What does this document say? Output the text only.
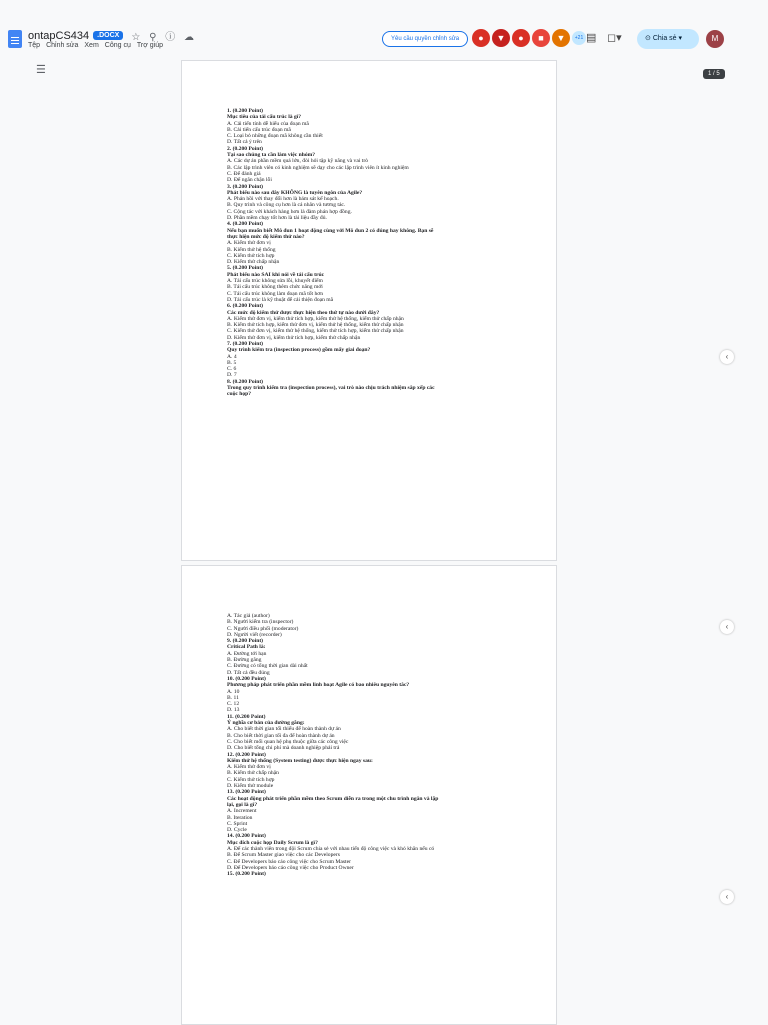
ontapCS434	.DOCX	☆ ⚲ ⓘ ☁
Tệp Chỉnh sửa Xem Công cụ Trợ giúp
Yêu cầu quyền chỉnh sửa	●	▼	●	■	▼	+21 ▤ ◻▾	⊙ Chia sẻ ▾	M
☰	1 / 5
‹
‹
‹
1. (0.200 Point)
Mục tiêu của tái cấu trúc là gì?
A. Cải tiến tính dễ hiểu của đoạn mã
B. Cải tiến cấu trúc đoạn mã
C. Loại bỏ những đoạn mã không cần thiết
D. Tất cả ý trên
2. (0.200 Point)
Tại sao chúng ta cần làm việc nhóm?
A. Các dự án phần mềm quá lớn, đòi hỏi tập kỹ năng và vai trò
B. Các lập trình viên có kinh nghiệm sẽ dạy cho các lập trình viên ít kinh nghiệm
C. Để đánh giá
D. Để ngăn chặn lỗi
3. (0.200 Point)
Phát biểu nào sau đây KHÔNG là tuyên ngôn của Agile?
A. Phản hồi với thay đổi hơn là bám sát kế hoạch.
B. Quy trình và công cụ hơn là cá nhân và tương tác.
C. Cộng tác với khách hàng hơn là đàm phán hợp đồng.
D. Phần mềm chạy tốt hơn là tài liệu đầy đủ.
4. (0.200 Point)
Nếu bạn muốn biết Mô đun 1 hoạt động cùng với Mô đun 2 có đúng hay không. Bạn sẽ
thực hiện mức độ kiểm thử nào?
A. Kiểm thử đơn vị
B. Kiểm thử hệ thống
C. Kiểm thử tích hợp
D. Kiểm thử chấp nhận
5. (0.200 Point)
Phát biểu nào SAI khi nói về tái cấu trúc
A. Tái cấu trúc không sửa lỗi, khuyết điểm
B. Tái cấu trúc không thêm chức năng mới
C. Tái cấu trúc không làm đoạn mã tốt hơn
D. Tái cấu trúc là kỹ thuật để cải thiện đoạn mã
6. (0.200 Point)
Các mức độ kiểm thử được thực hiện theo thứ tự nào dưới đây?
A. Kiểm thử đơn vị, kiểm thử tích hợp, kiểm thử hệ thống, kiểm thử chấp nhận
B. Kiểm thử tích hợp, kiểm thử đơn vị, kiểm thử hệ thống, kiểm thử chấp nhận
C. Kiểm thử đơn vị, kiểm thử hệ thống, kiểm thử tích hợp, kiểm thử chấp nhận
D. Kiểm thử đơn vị, kiểm thử tích hợp, kiểm thử chấp nhận
7. (0.200 Point)
Quy trình kiểm tra (inspection process) gồm mấy giai đoạn?
A. 4
B. 5
C. 6
D. 7
8. (0.200 Point)
Trong quy trình kiểm tra (inspection process), vai trò nào chịu trách nhiệm sắp xếp các
cuộc họp?
A. Tác giả (author)
B. Người kiểm tra (inspector)
C. Người điều phối (moderator)
D. Người viết (recorder)
9. (0.200 Point)
Critical Path là:
A. Đường tới hạn
B. Đường găng
C. Đường có tổng thời gian dài nhất
D. Tất cả đều đúng
10. (0.200 Point)
Phương pháp phát triển phần mềm linh hoạt Agile có bao nhiêu nguyên tắc?
A. 10
B. 11
C. 12
D. 13
11. (0.200 Point)
Ý nghĩa cơ bản của đường găng:
A. Cho biết thời gian tối thiểu để hoàn thành dự án
B. Cho biết thời gian tối đa để hoàn thành dự án
C. Cho biết mối quan hệ phụ thuộc giữa các công việc
D. Cho biết tổng chi phí mà doanh nghiệp phải trả
12. (0.200 Point)
Kiểm thử hệ thống (System testing) được thực hiện ngay sau:
A. Kiểm thử đơn vị
B. Kiểm thử chấp nhận
C. Kiểm thử tích hợp
D. Kiểm thử module
13. (0.200 Point)
Các hoạt động phát triển phần mềm theo Scrum diễn ra trong một chu trình ngắn và lặp
lại, gọi là gì?
A. Increment
B. Iteration
C. Sprint
D. Cycle
14. (0.200 Point)
Mục đích cuộc họp Daily Scrum là gì?
A. Để các thành viên trong đội Scrum chia sẻ với nhau tiến độ công việc và khó khăn nếu có
B. Để Scrum Master giao việc cho các Developers
C. Để Developers báo cáo công việc cho Scrum Master
D. Để Developers báo cáo công việc cho Product Owner
15. (0.200 Point)
